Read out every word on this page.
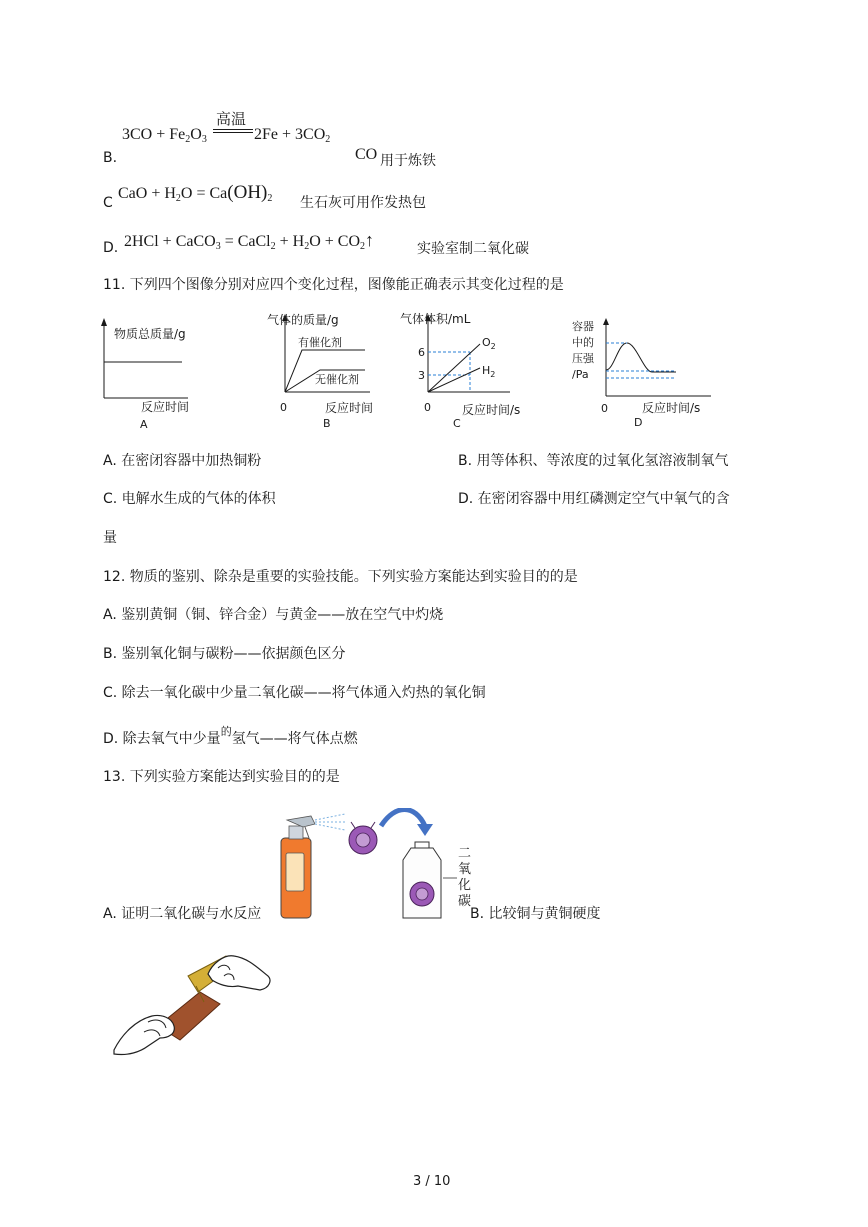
B.
$3CO + Fe_2O_3$
高温
$2Fe + 3CO_2$
CO 用于炼铁
C
CaO + $H_2O = Ca(OH)_2$ 生石灰可用作发热包
D. 2HCl + CaCO$_3$ = CaCl$_2$ + $H_2O$ + $CO_2↑$	实验室制二氧化碳
11. 下列四个图像分别对应四个变化过程，图像能正确表示其变化过程的是
物质总质量/g
反应时间
A
气体的质量/g
有催化剂
无催化剂
0	反应时间
B
气体体积/mL
6
3
$O_2$
$H_2$
0	反应时间/s
C
容器
中的
压强
/Pa
0	反应时间/s
D
A. 在密闭容器中加热铜粉	B. 用等体积、等浓度的过氧化氢溶液制氧气
C. 电解水生成的气体的体积	D. 在密闭容器中用红磷测定空气中氧气的含
量
12. 物质的鉴别、除杂是重要的实验技能。下列实验方案能达到实验目的的是
A. 鉴别黄铜（铜、锌合金）与黄金——放在空气中灼烧
B. 鉴别氧化铜与碳粉——依据颜色区分
C. 除去一氧化碳中少量二氧化碳——将气体通入灼热的氧化铜
D. 除去氧气中少量$^的$氢气——将气体点燃
13. 下列实验方案能达到实验目的的是
二
氧
化
碳
A. 证明二氧化碳与水反应	B. 比较铜与黄铜硬度
3 / 10
